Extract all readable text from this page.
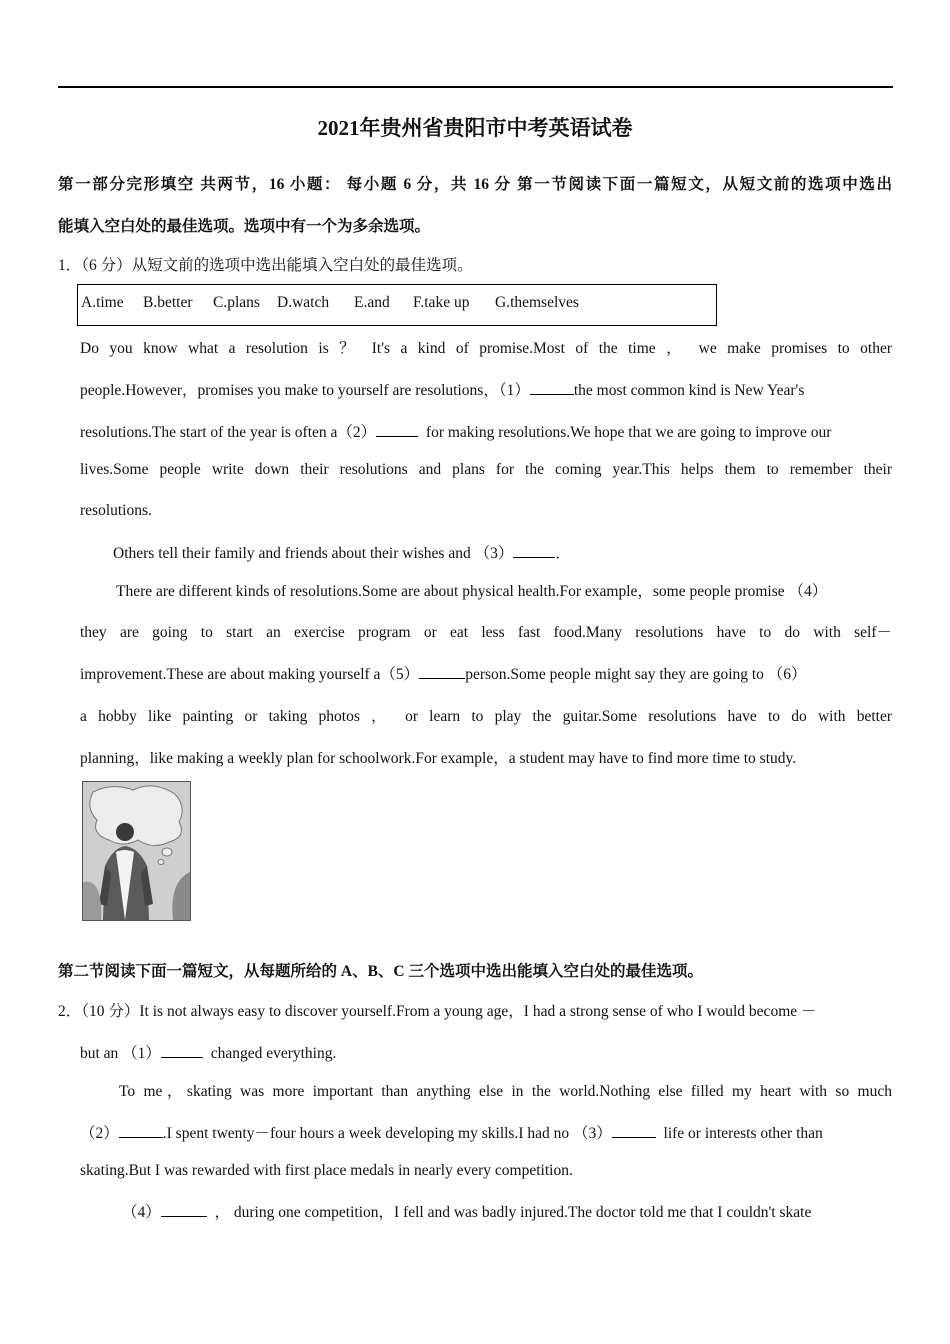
2021年贵州省贵阳市中考英语试卷
第一部分完形填空 共两节，16 小题： 每小题 6 分，共 16 分 第一节阅读下面一篇短文，从短文前的选项中选出
能填入空白处的最佳选项。选项中有一个为多余选项。
1．（6 分）从短文前的选项中选出能填入空白处的最佳选项。
A.time B.better C.plans D.watch E.and F.take up G.themselves
Do you know what a resolution is ？ It's a kind of promise.Most of the time ， we make promises to other
people.However，promises you make to yourself are resolutions，（1）	the most common kind is New Year's
resolutions.The start of the year is often a（2）	for making resolutions.We hope that we are going to improve our
lives.Some people write down their resolutions and plans for the coming year.This helps them to remember their
resolutions.
Others tell their family and friends about their wishes and （3）	．
There are different kinds of resolutions.Some are about physical health.For example，some people promise （4）
they are going to start an exercise program or eat less fast food.Many resolutions have to do with self－
improvement.These are about making yourself a（5）	person.Some people might say they are going to （6）
a hobby like painting or taking photos ， or learn to play the guitar.Some resolutions have to do with better
planning，like making a weekly plan for schoolwork.For example，a student may have to find more time to study.
第二节阅读下面一篇短文，从每题所给的 A、B、C 三个选项中选出能填入空白处的最佳选项。
2．（10 分）It is not always easy to discover yourself.From a young age，I had a strong sense of who I would become －
but an （1）	changed everything.
To me，skating was more important than anything else in the world.Nothing else filled my heart with so much
（2）	.I spent twenty－four hours a week developing my skills.I had no （3）	life or interests other than
skating.But I was rewarded with first place medals in nearly every competition.
（4）	， during one competition，I fell and was badly injured.The doctor told me that I couldn't skate
